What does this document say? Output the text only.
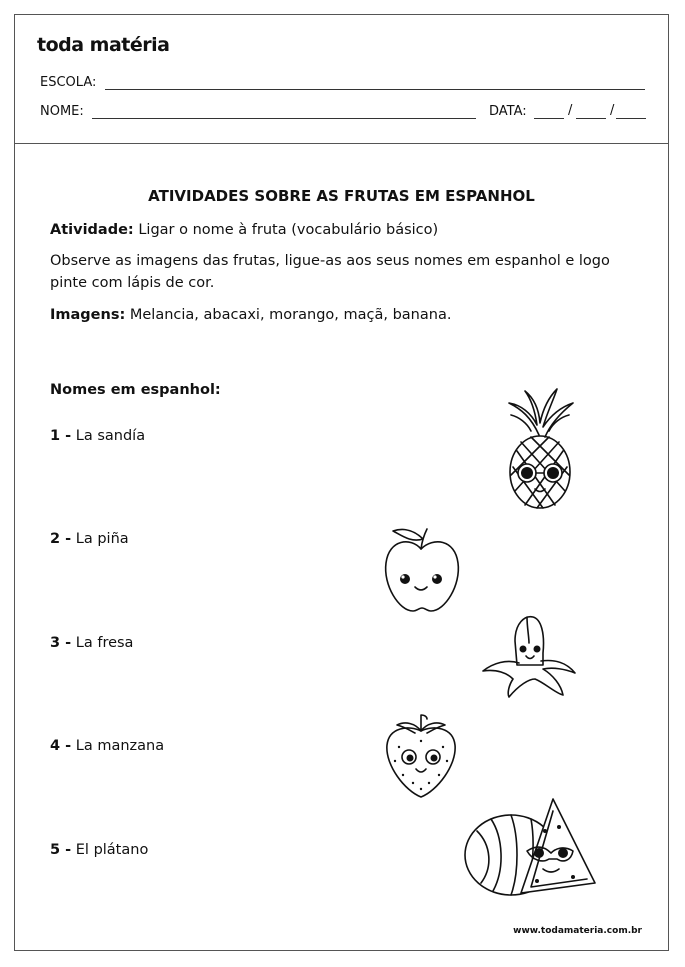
toda matéria
ESCOLA:
NOME:	DATA:	/	/
ATIVIDADES SOBRE AS FRUTAS EM ESPANHOL
Atividade: Ligar o nome à fruta (vocabulário básico)
Observe as imagens das frutas, ligue-as aos seus nomes em espanhol e logo pinte com lápis de cor.
Imagens: Melancia, abacaxi, morango, maçã, banana.
Nomes em espanhol:
1 - La sandía
2 - La piña
3 - La fresa
4 - La manzana
5 - El plátano
www.todamateria.com.br
